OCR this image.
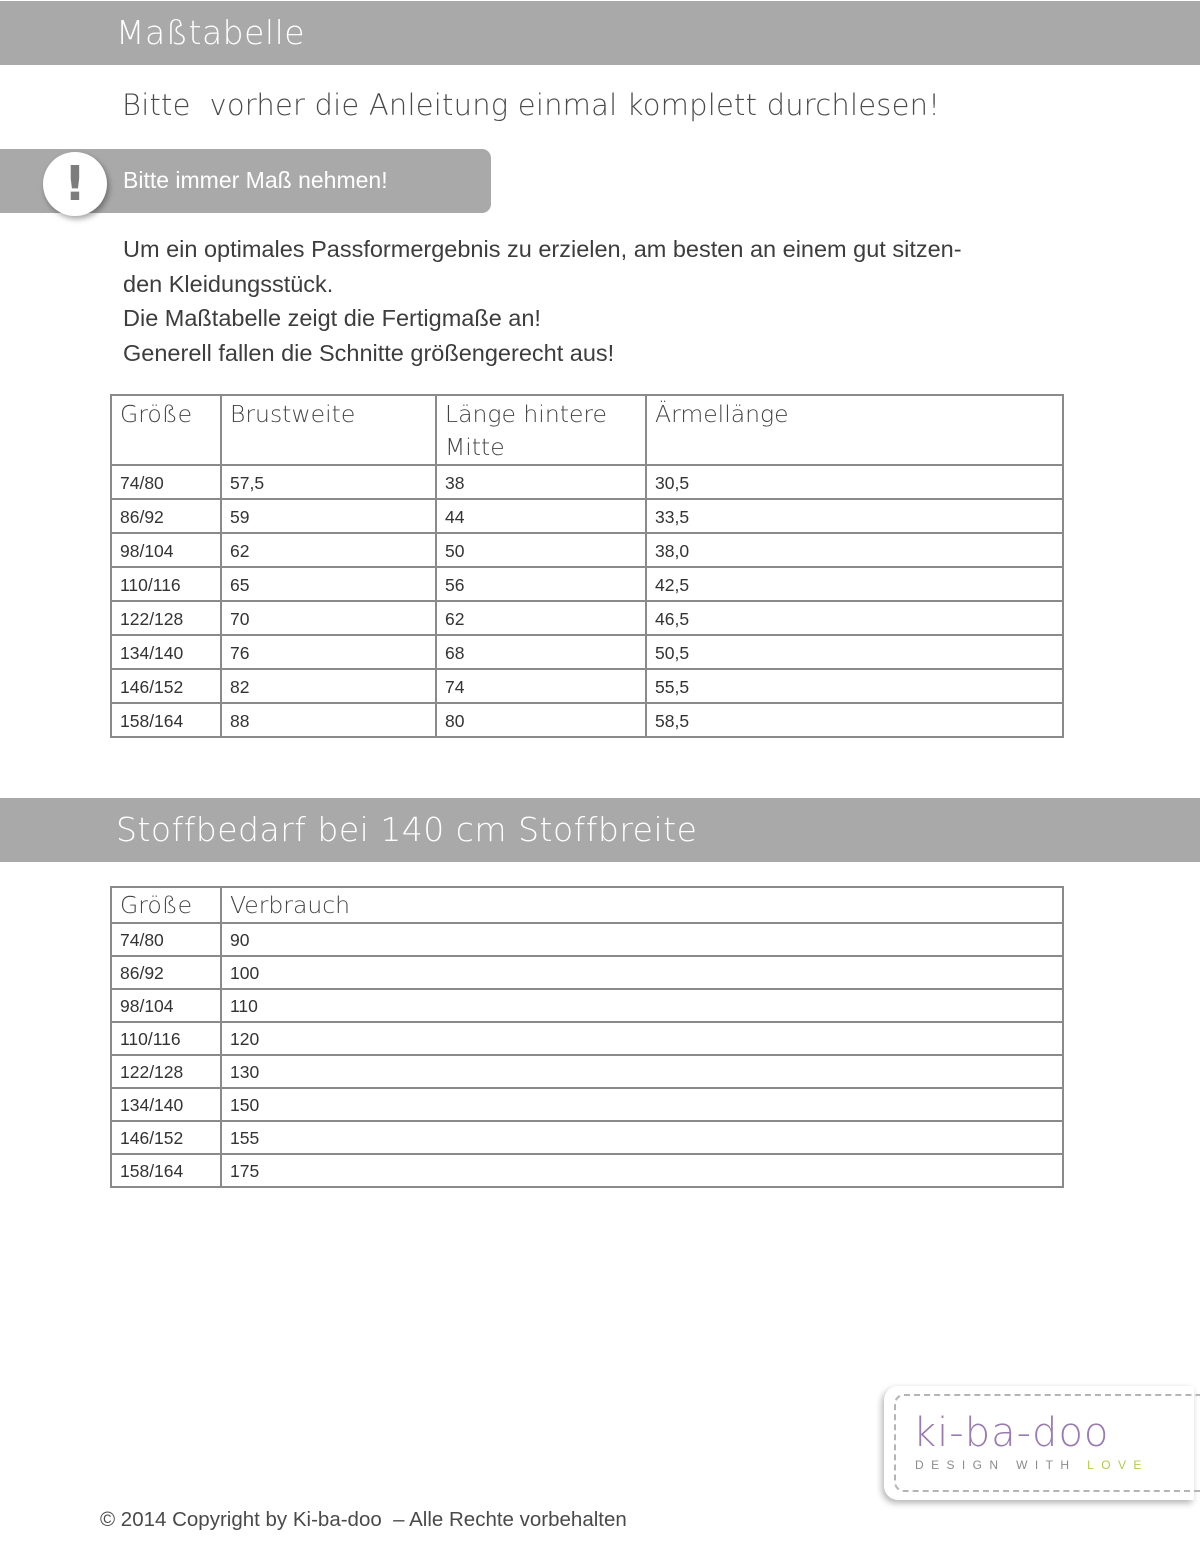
Maßtabelle
Bitte  vorher die Anleitung einmal komplett durchlesen!
!	Bitte immer Maß nehmen!
Um ein optimales Passformergebnis zu erzielen, am besten an einem gut sitzen-
den Kleidungsstück.
Die Maßtabelle zeigt die Fertigmaße an!
Generell fallen die Schnitte größengerecht aus!
Größe	Brustweite	Länge hintere Mitte	Ärmellänge
74/80	57,5	38	30,5
86/92	59	44	33,5
98/104	62	50	38,0
110/116	65	56	42,5
122/128	70	62	46,5
134/140	76	68	50,5
146/152	82	74	55,5
158/164	88	80	58,5
Stoffbedarf bei 140 cm Stoffbreite
Größe	Verbrauch
74/80	90
86/92	100
98/104	110
110/116	120
122/128	130
134/140	150
146/152	155
158/164	175
ki-ba-doo
DESIGN WITH LOVE
© 2014 Copyright by Ki-ba-doo  – Alle Rechte vorbehalten
